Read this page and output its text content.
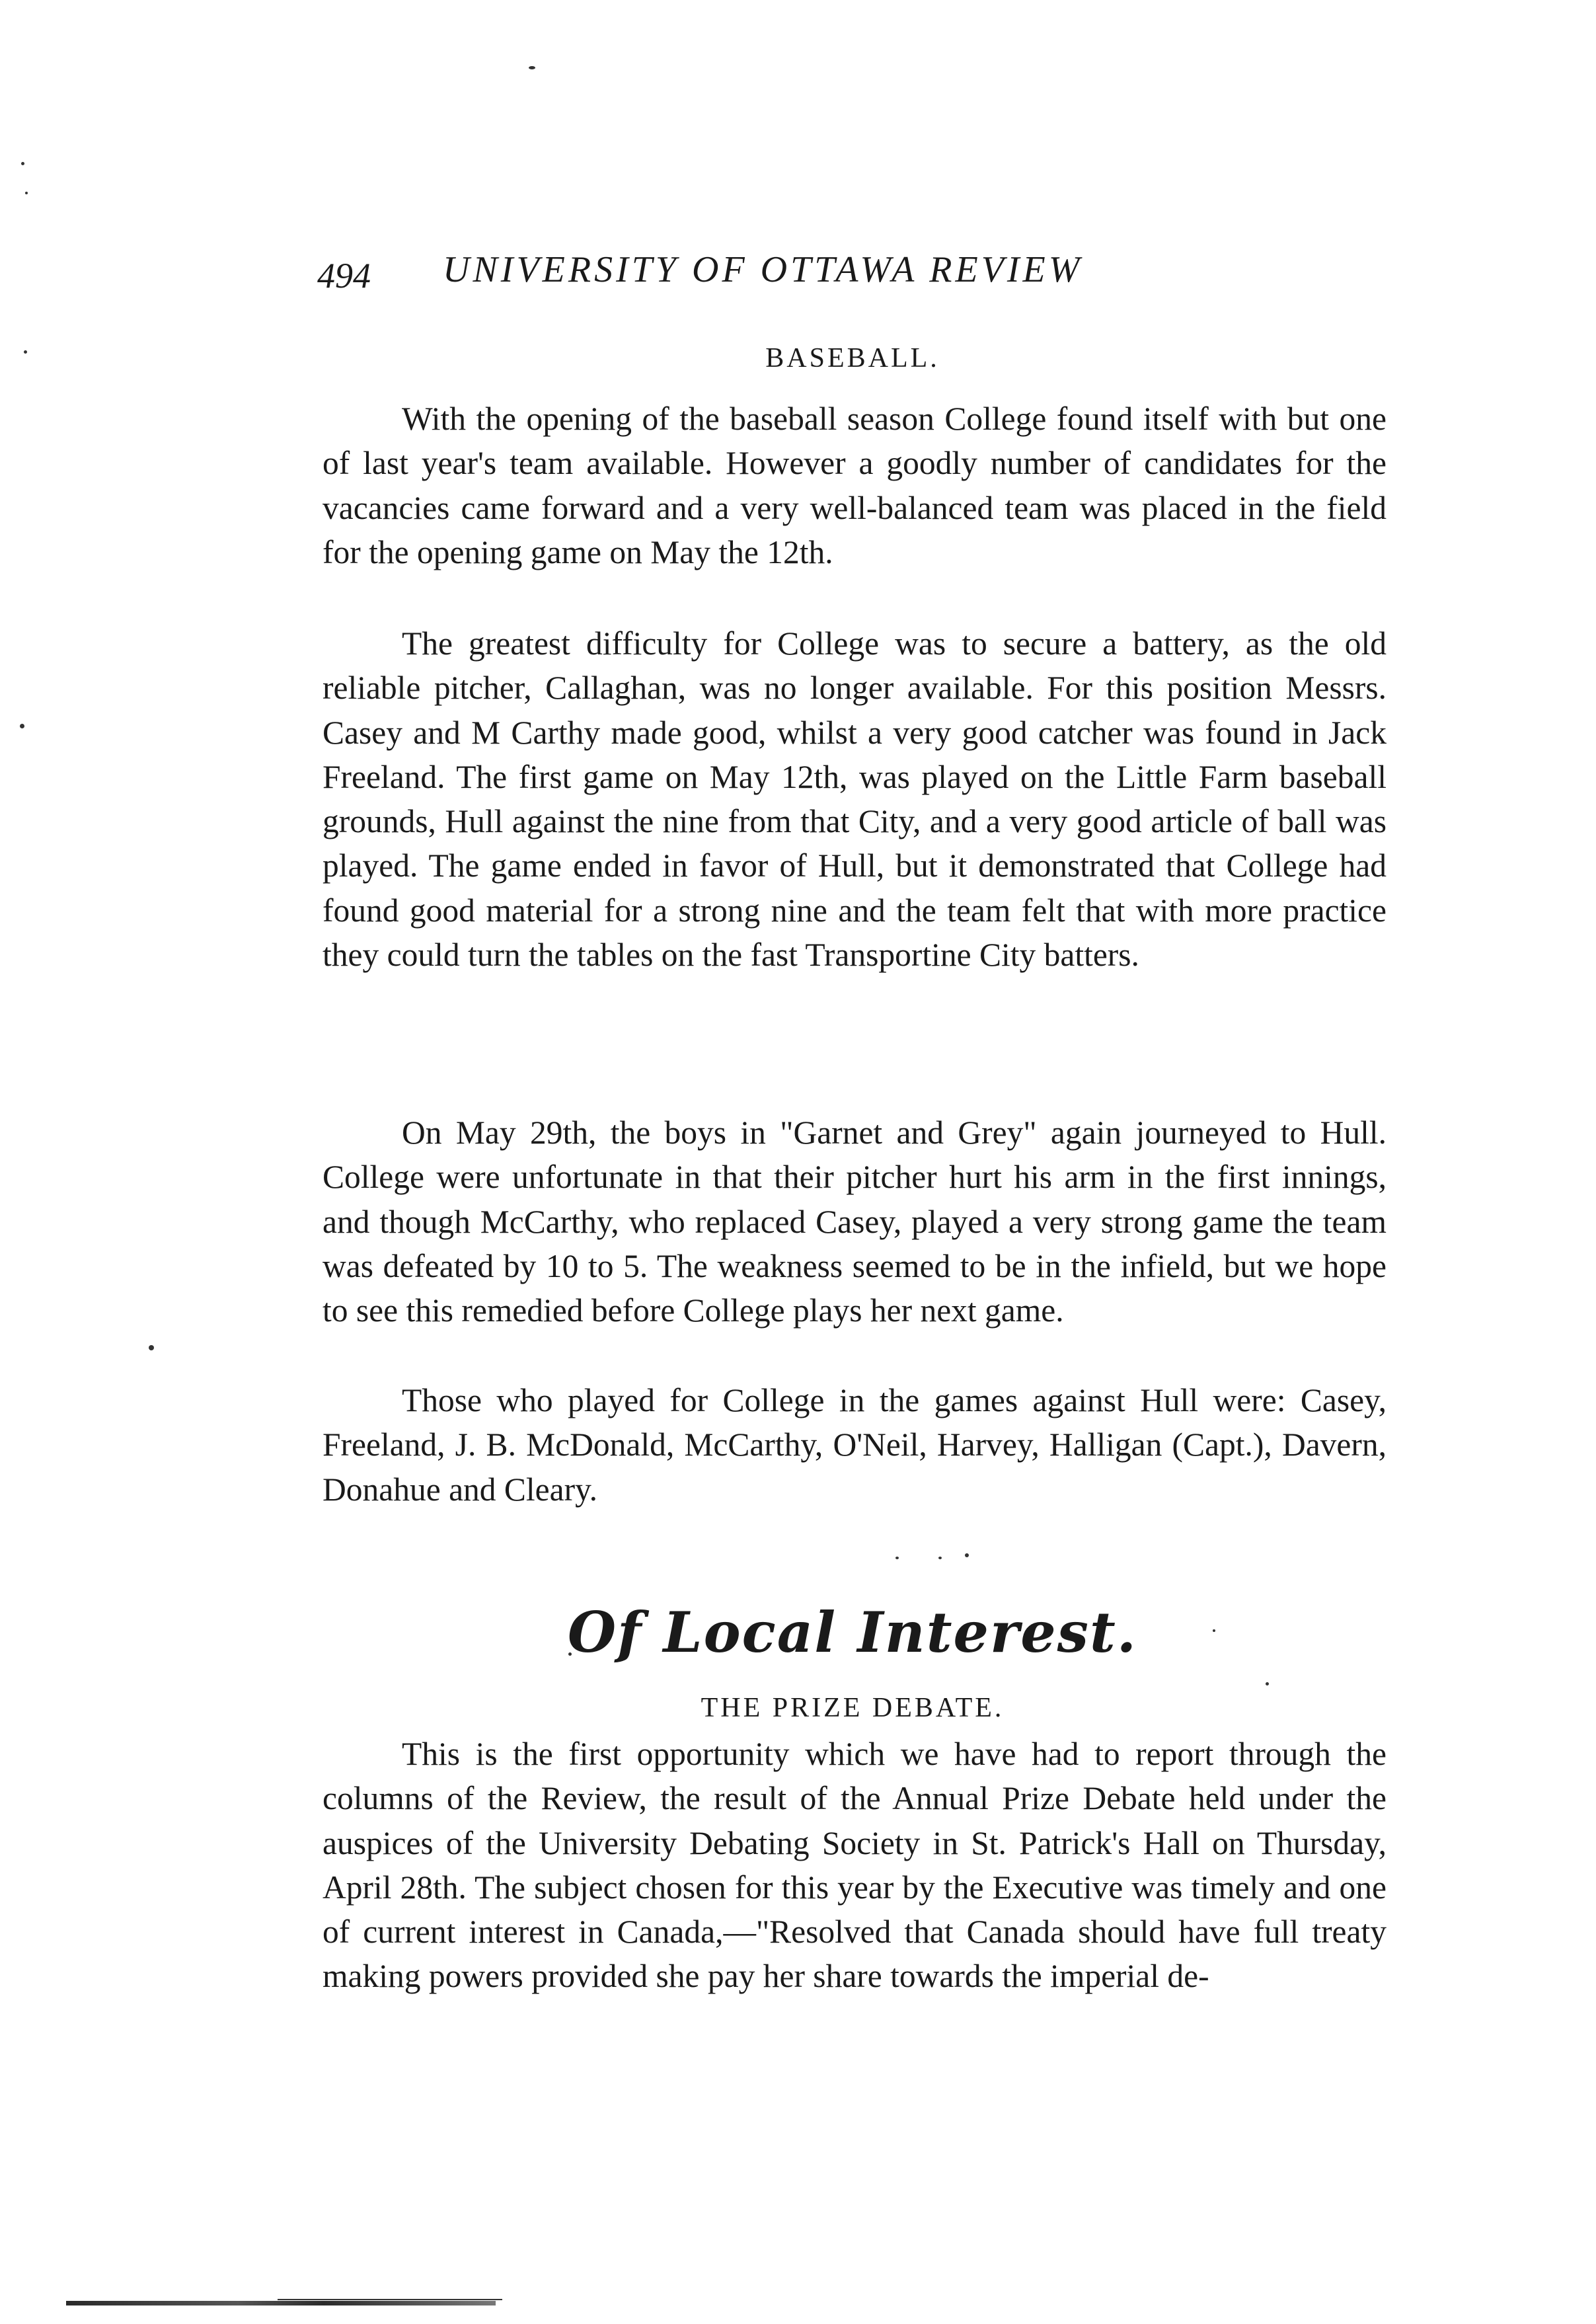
494 UNIVERSITY OF OTTAWA REVIEW
BASEBALL.

With the opening of the baseball season College found itself with but one of last year's team available. However a goodly number of candidates for the vacancies came forward and a very well-balanced team was placed in the field for the opening game on May the 12th.

The greatest difficulty for College was to secure a battery, as the old reliable pitcher, Callaghan, was no longer available. For this position Messrs. Casey and M Carthy made good, whilst a very good catcher was found in Jack Freeland. The first game on May 12th, was played on the Little Farm baseball grounds, Hull against the nine from that City, and a very good article of ball was played. The game ended in favor of Hull, but it demonstrated that College had found good material for a strong nine and the team felt that with more practice they could turn the tables on the fast Transportine City batters.

On May 29th, the boys in "Garnet and Grey" again journeyed to Hull. College were unfortunate in that their pitcher hurt his arm in the first innings, and though McCarthy, who replaced Casey, played a very strong game the team was defeated by 10 to 5. The weakness seemed to be in the infield, but we hope to see this remedied before College plays her next game.

Those who played for College in the games against Hull were: Casey, Freeland, J. B. McDonald, McCarthy, O'Neil, Harvey, Halligan (Capt.), Davern, Donahue and Cleary.

Of Local Interest.
THE PRIZE DEBATE.

This is the first opportunity which we have had to report through the columns of the Review, the result of the Annual Prize Debate held under the auspices of the University Debating Society in St. Patrick's Hall on Thursday, April 28th. The subject chosen for this year by the Executive was timely and one of current interest in Canada,—"Resolved that Canada should have full treaty making powers provided she pay her share towards the imperial de-
